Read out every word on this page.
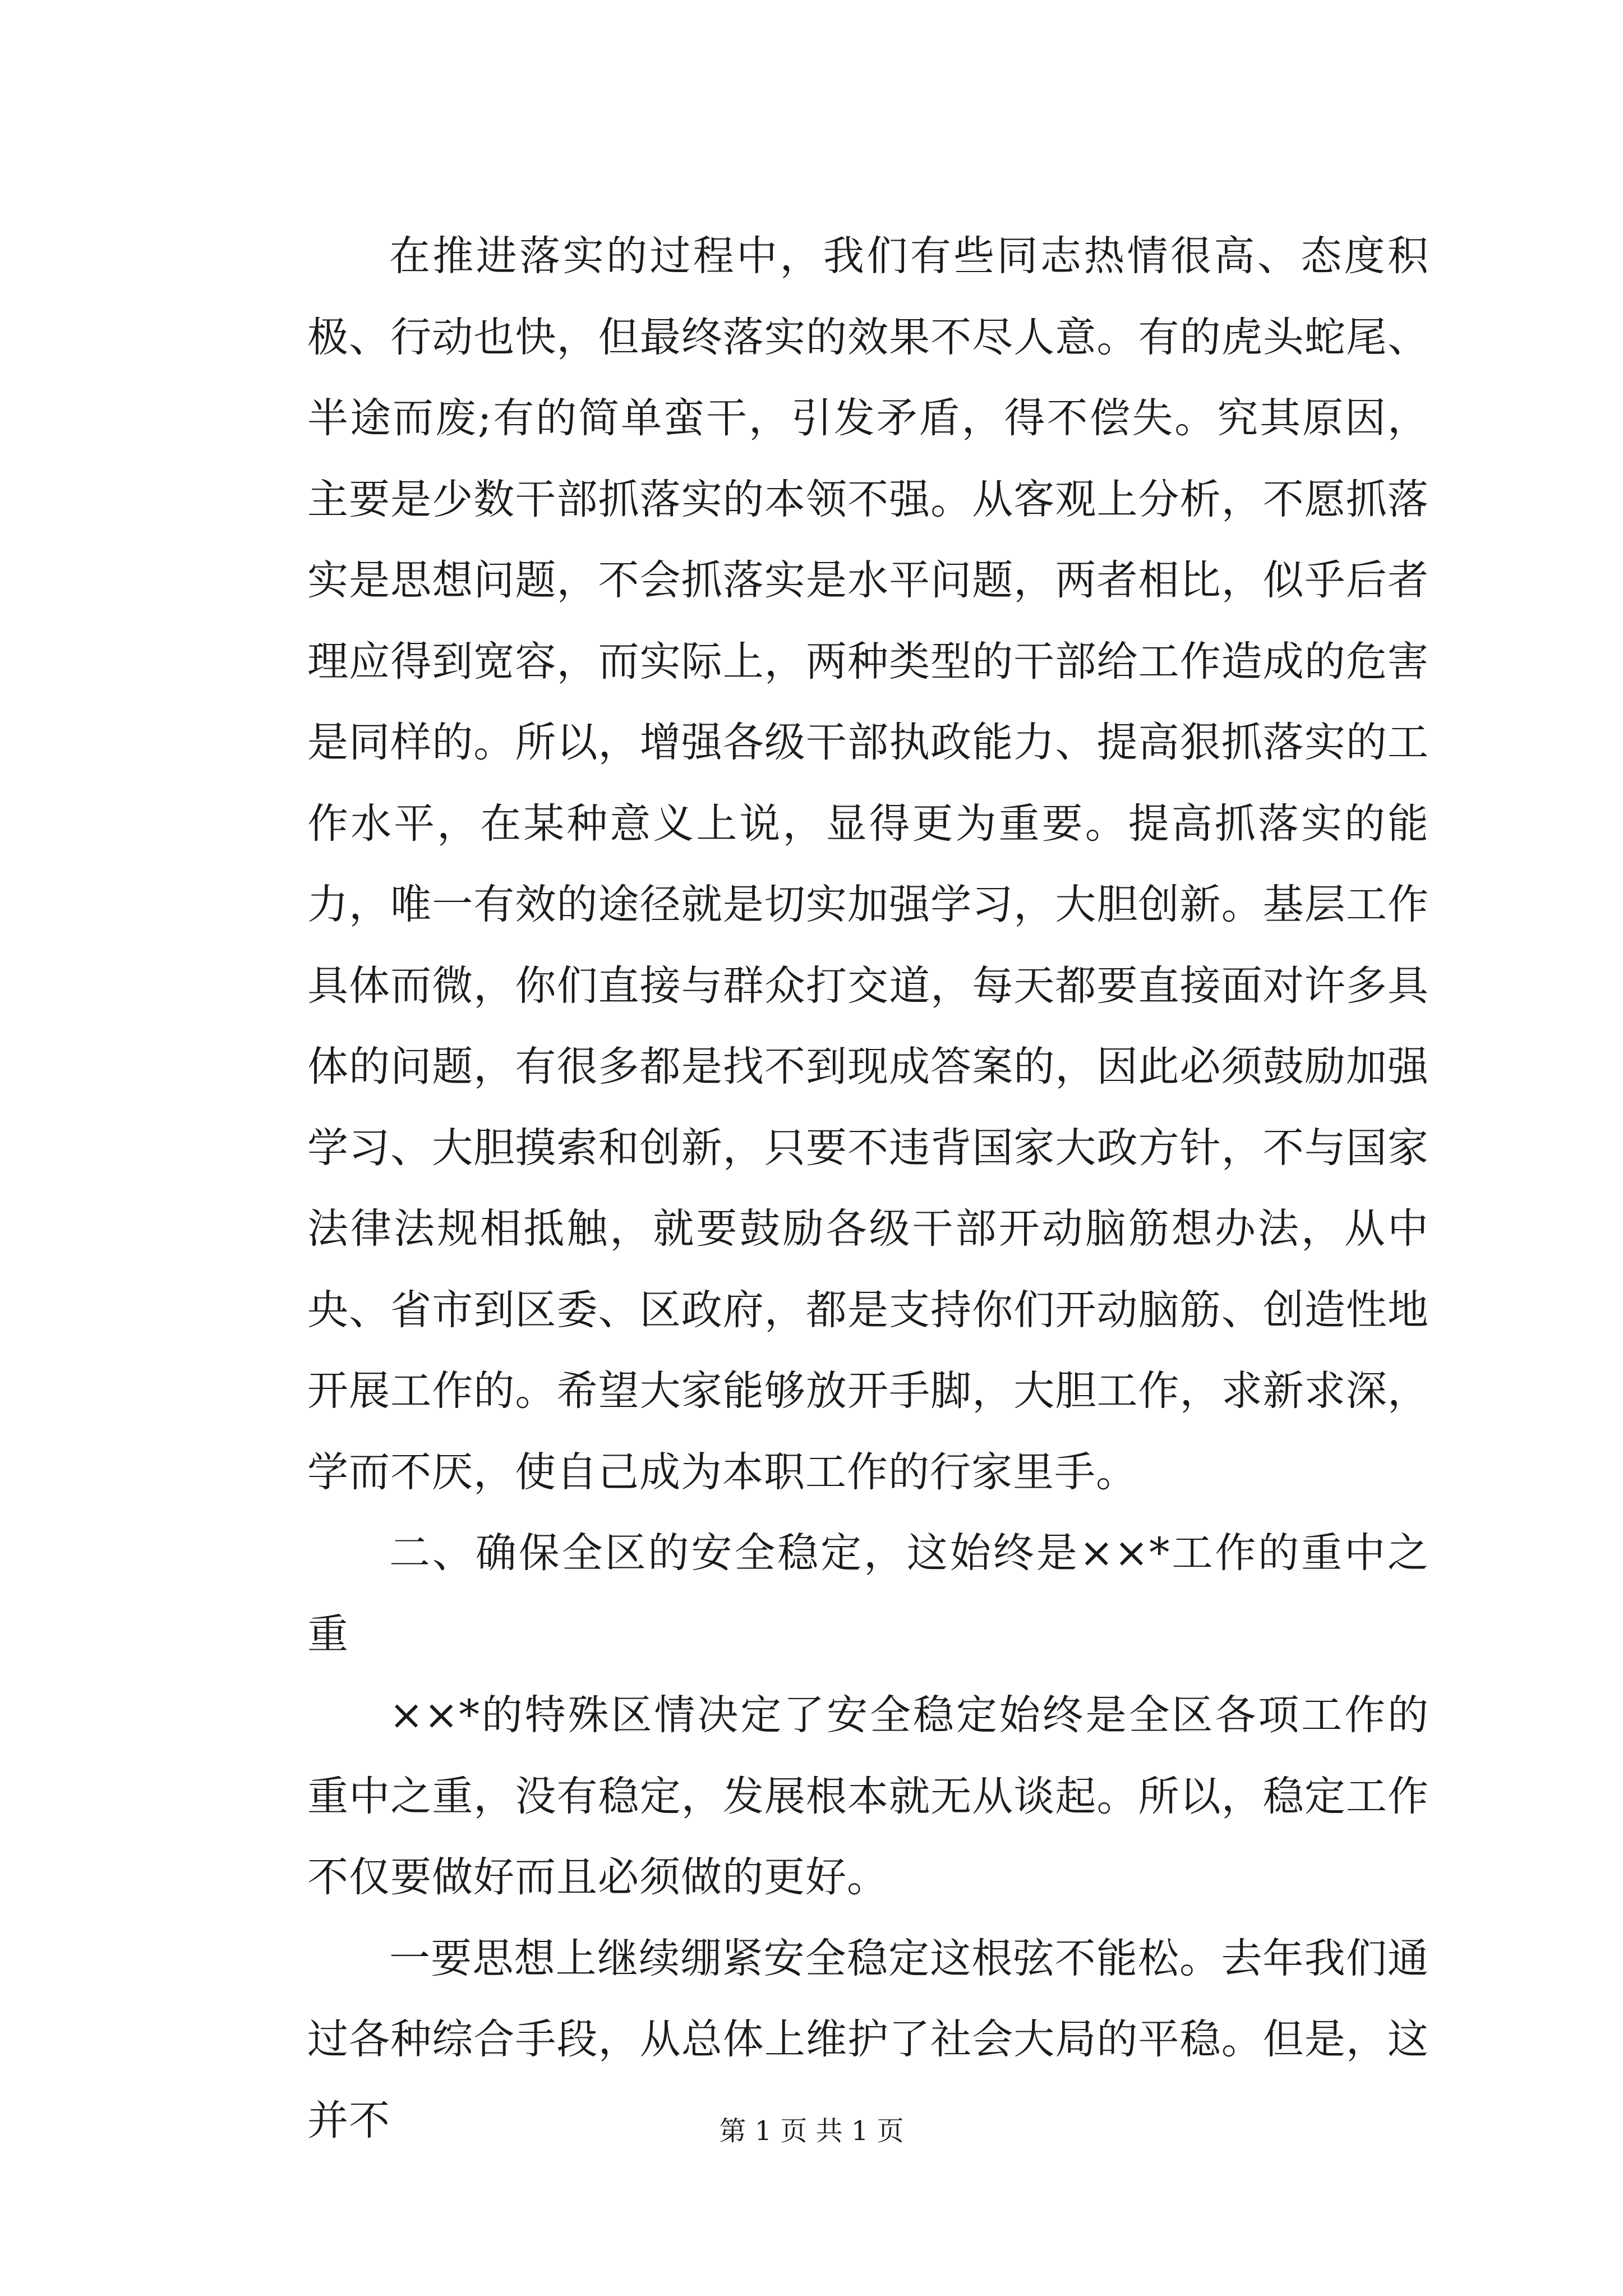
在推进落实的过程中，我们有些同志热情很高、态度积极、行动也快，但最终落实的效果不尽人意。有的虎头蛇尾、半途而废;有的简单蛮干，引发矛盾，得不偿失。究其原因，主要是少数干部抓落实的本领不强。从客观上分析，不愿抓落实是思想问题，不会抓落实是水平问题，两者相比，似乎后者理应得到宽容，而实际上，两种类型的干部给工作造成的危害是同样的。所以，增强各级干部执政能力、提高狠抓落实的工作水平，在某种意义上说，显得更为重要。提高抓落实的能力，唯一有效的途径就是切实加强学习，大胆创新。基层工作具体而微，你们直接与群众打交道，每天都要直接面对许多具体的问题，有很多都是找不到现成答案的，因此必须鼓励加强学习、大胆摸索和创新，只要不违背国家大政方针，不与国家法律法规相抵触，就要鼓励各级干部开动脑筋想办法，从中央、省市到区委、区政府，都是支持你们开动脑筋、创造性地开展工作的。希望大家能够放开手脚，大胆工作，求新求深，学而不厌，使自己成为本职工作的行家里手。

二、确保全区的安全稳定，这始终是××*工作的重中之重

××*的特殊区情决定了安全稳定始终是全区各项工作的重中之重，没有稳定，发展根本就无从谈起。所以，稳定工作不仅要做好而且必须做的更好。

一要思想上继续绷紧安全稳定这根弦不能松。去年我们通过各种综合手段，从总体上维护了社会大局的平稳。但是，这并不	第 1 页 共 1 页
